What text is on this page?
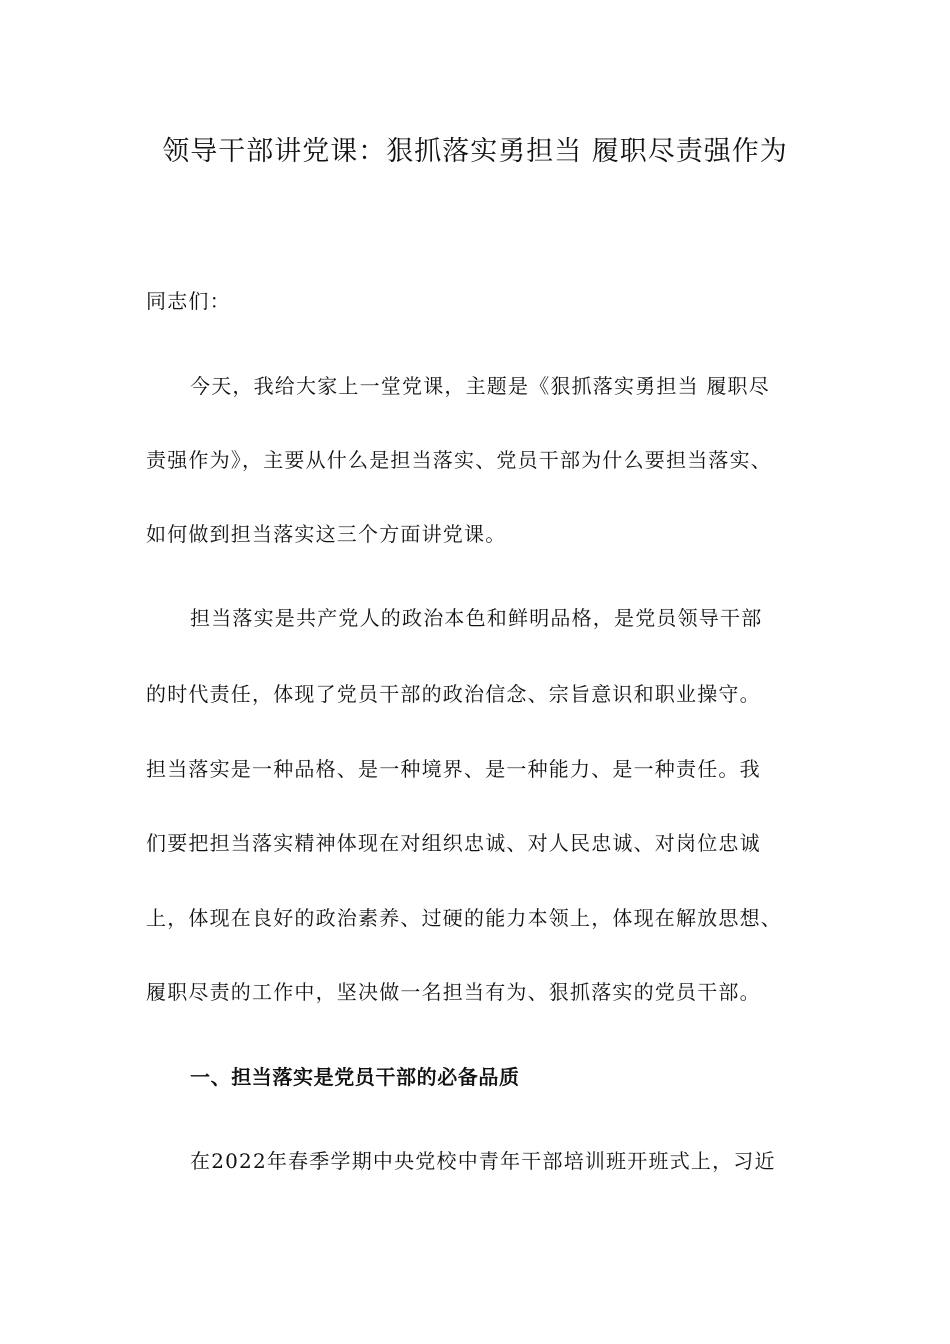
领导干部讲党课：狠抓落实勇担当 履职尽责强作为
同志们：
今天，我给大家上一堂党课，主题是《狠抓落实勇担当 履职尽
责强作为》，主要从什么是担当落实、党员干部为什么要担当落实、
如何做到担当落实这三个方面讲党课。
担当落实是共产党人的政治本色和鲜明品格，是党员领导干部
的时代责任，体现了党员干部的政治信念、宗旨意识和职业操守。
担当落实是一种品格、是一种境界、是一种能力、是一种责任。我
们要把担当落实精神体现在对组织忠诚、对人民忠诚、对岗位忠诚
上，体现在良好的政治素养、过硬的能力本领上，体现在解放思想、
履职尽责的工作中，坚决做一名担当有为、狠抓落实的党员干部。
一、担当落实是党员干部的必备品质
在2022年春季学期中央党校中青年干部培训班开班式上，习近
